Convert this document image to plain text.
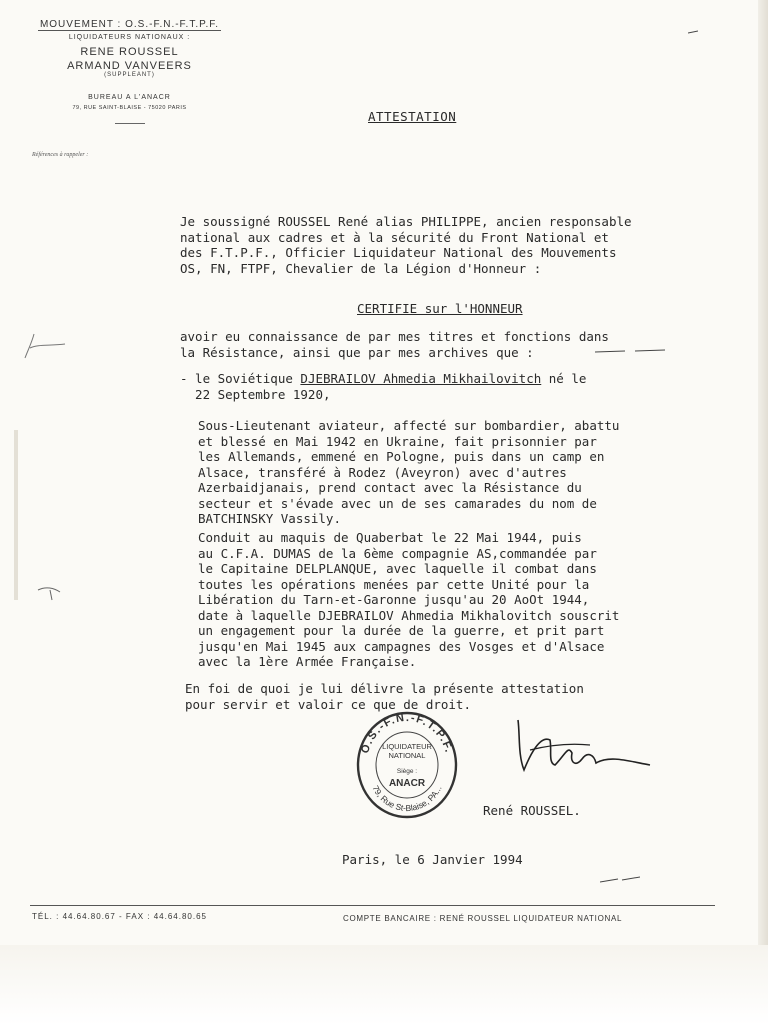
MOUVEMENT : O.S.-F.N.-F.T.P.F.
LIQUIDATEURS NATIONAUX :
RENE ROUSSEL
ARMAND VANVEERS
(SUPPLEANT)
BUREAU A L'ANACR
79, RUE SAINT-BLAISE - 75020 PARIS
Références à rappeler :
ATTESTATION
Je soussigné ROUSSEL René alias PHILIPPE, ancien responsable
national aux cadres et à la sécurité du Front National et
des F.T.P.F., Officier Liquidateur National des Mouvements
OS, FN, FTPF, Chevalier de la Légion d'Honneur :
CERTIFIE sur l'HONNEUR
avoir eu connaissance de par mes titres et fonctions dans
la Résistance, ainsi que par mes archives que :
- le Soviétique DJEBRAILOV Ahmedia Mikhailovitch né le
22 Septembre 1920,
Sous-Lieutenant aviateur, affecté sur bombardier, abattu
et blessé en Mai 1942 en Ukraine, fait prisonnier par
les Allemands, emmené en Pologne, puis dans un camp en
Alsace, transféré à Rodez (Aveyron) avec d'autres
Azerbaidjanais, prend contact avec la Résistance du
secteur et s'évade avec un de ses camarades du nom de
BATCHINSKY Vassily.
Conduit au maquis de Quaberbat le 22 Mai 1944, puis
au C.F.A. DUMAS de la 6ème compagnie AS,commandée par
le Capitaine DELPLANQUE, avec laquelle il combat dans
toutes les opérations menées par cette Unité pour la
Libération du Tarn-et-Garonne jusqu'au 20 AoOt 1944,
date à laquelle DJEBRAILOV Ahmedia Mikhalovitch souscrit
un engagement pour la durée de la guerre, et prit part
jusqu'en Mai 1945 aux campagnes des Vosges et d'Alsace
avec la 1ère Armée Française.
En foi de quoi je lui délivre la présente attestation
pour servir et valoir ce que de droit.
O.S.-F.N.-F.T.P.F.
79, Rue St-Blaise, PA...
LIQUIDATEUR
NATIONAL
Siège :
ANACR
René ROUSSEL.
Paris, le 6 Janvier 1994
TÉL. : 44.64.80.67 - FAX : 44.64.80.65	COMPTE BANCAIRE : RENÉ ROUSSEL LIQUIDATEUR NATIONAL
